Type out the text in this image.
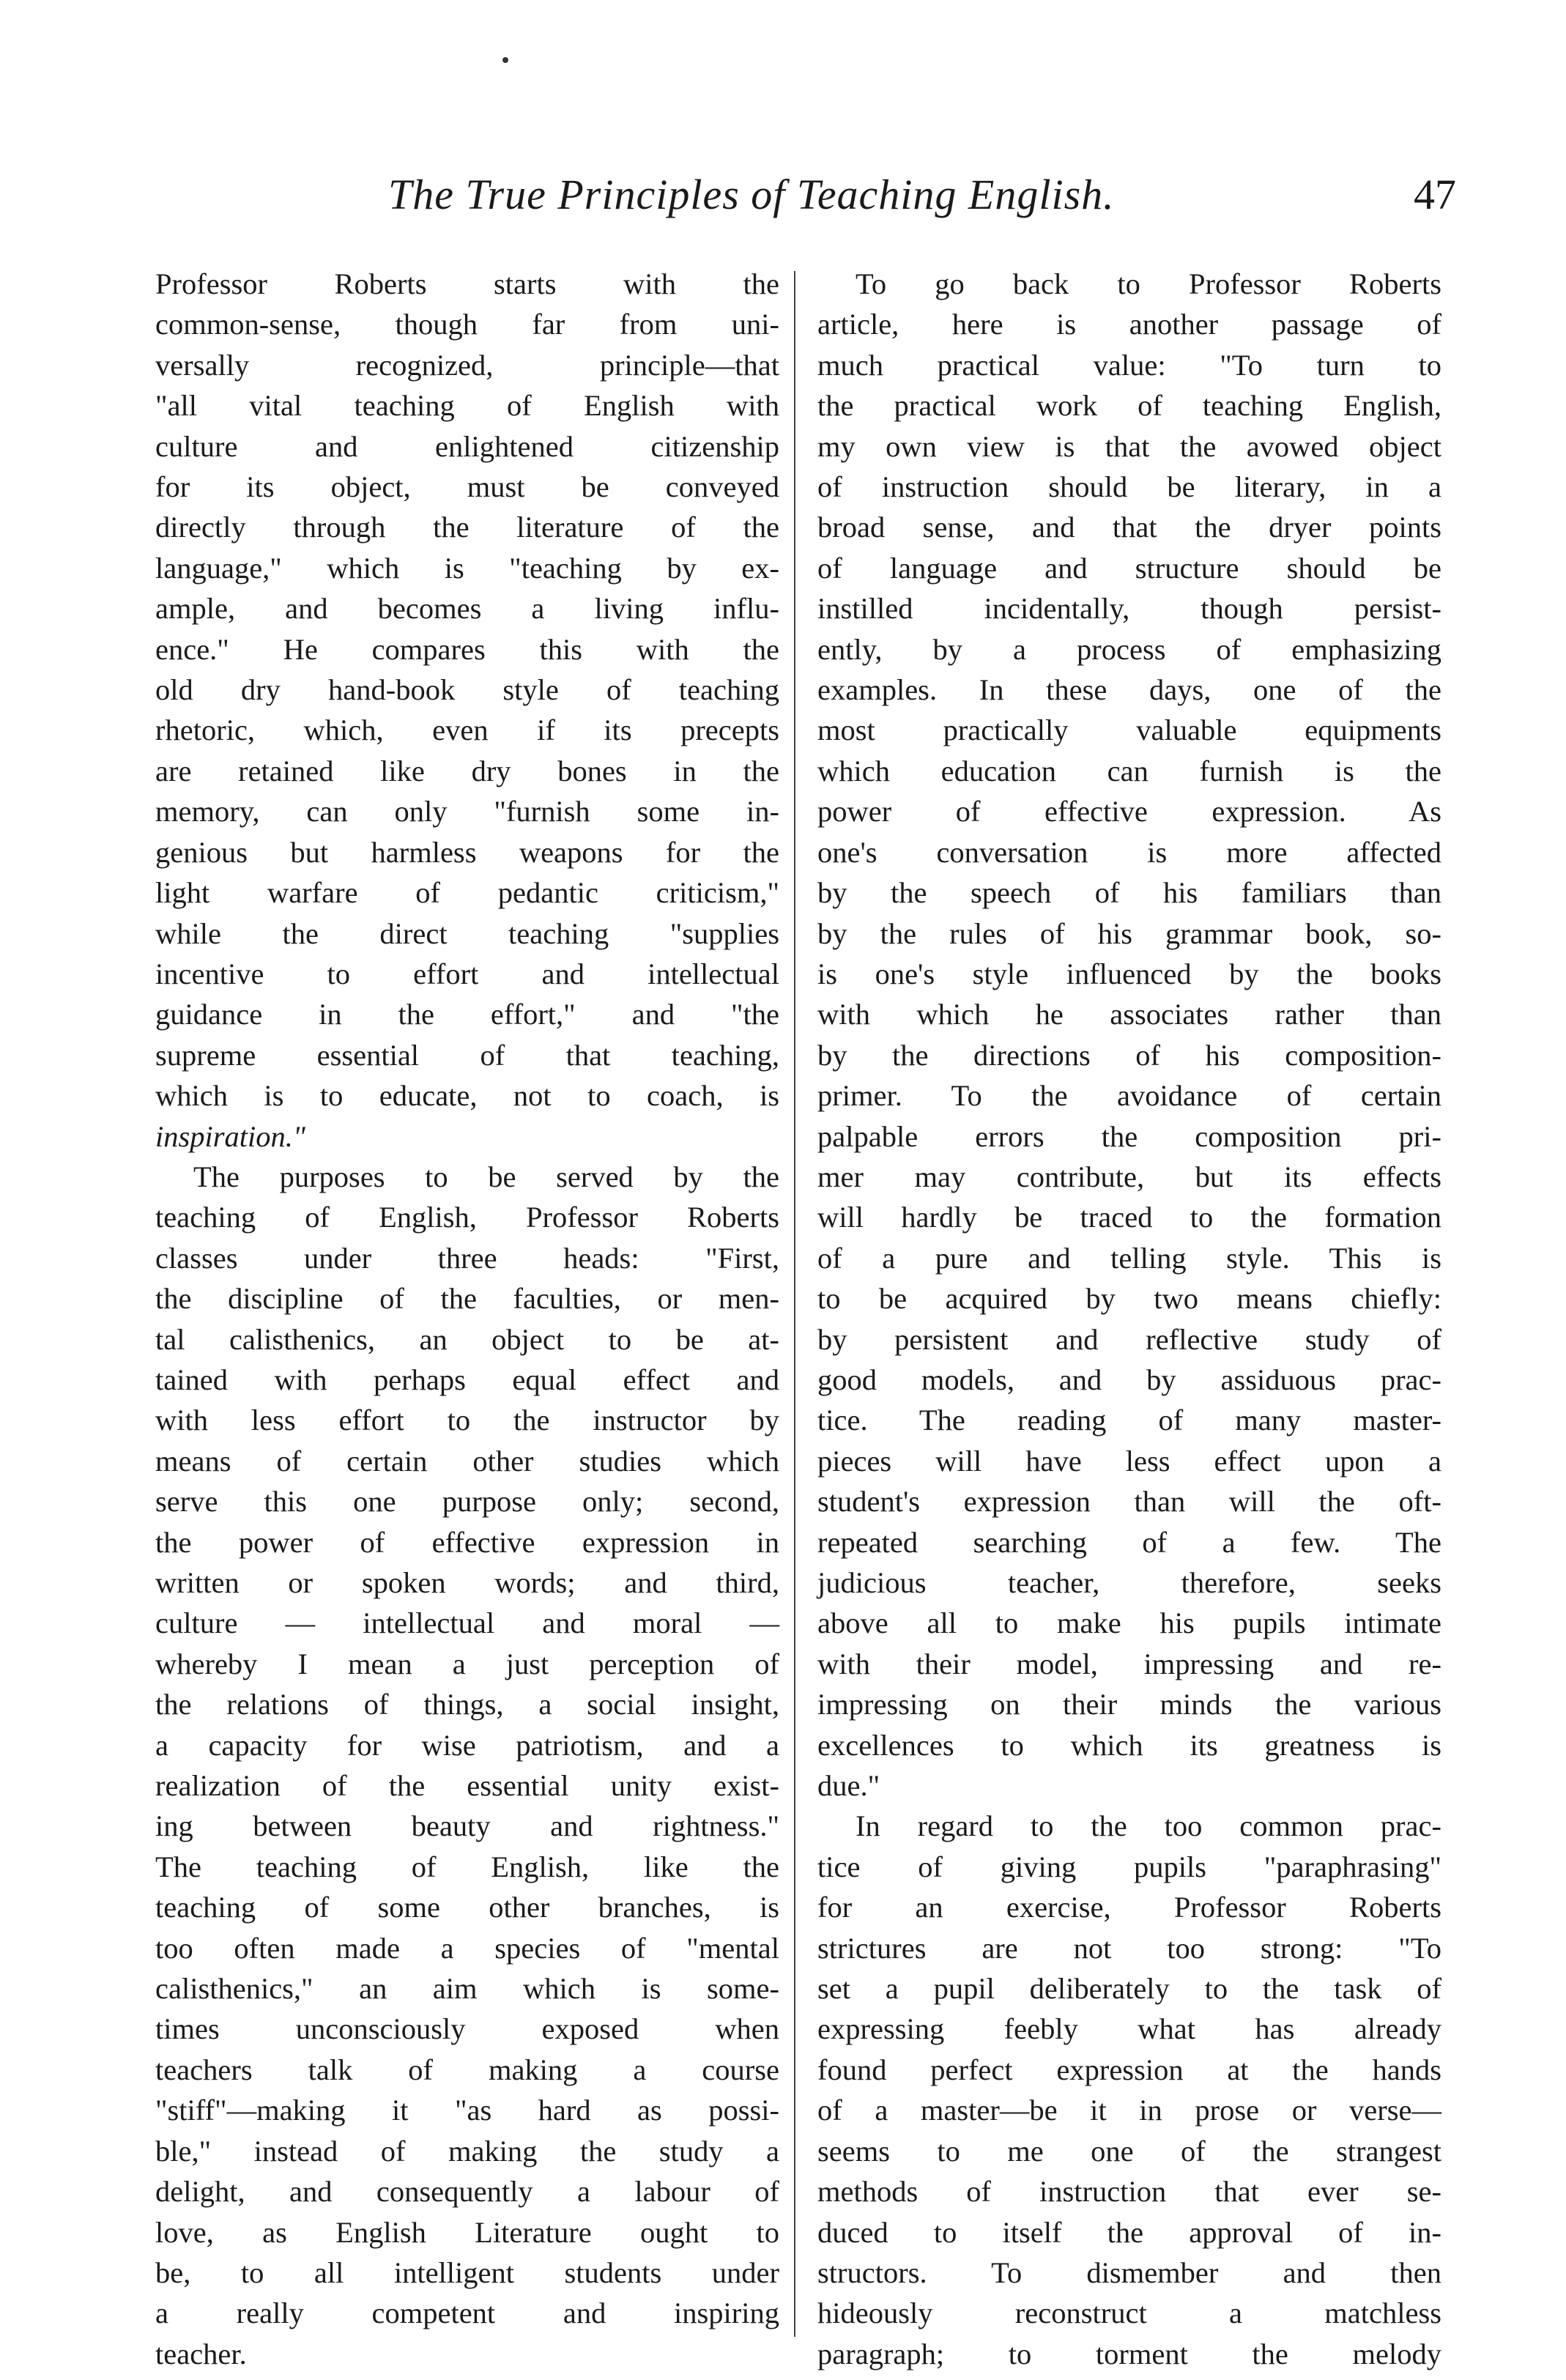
The True Principles of Teaching English.	47
Professor Roberts starts with the
common-sense, though far from uni-
versally recognized, principle—that
"all vital teaching of English with
culture and enlightened citizenship
for its object, must be conveyed
directly through the literature of the
language," which is "teaching by ex-
ample, and becomes a living influ-
ence." He compares this with the
old dry hand-book style of teaching
rhetoric, which, even if its precepts
are retained like dry bones in the
memory, can only "furnish some in-
genious but harmless weapons for the
light warfare of pedantic criticism,"
while the direct teaching "supplies
incentive to effort and intellectual
guidance in the effort," and "the
supreme essential of that teaching,
which is to educate, not to coach, is
inspiration."
The purposes to be served by the
teaching of English, Professor Roberts
classes under three heads: "First,
the discipline of the faculties, or men-
tal calisthenics, an object to be at-
tained with perhaps equal effect and
with less effort to the instructor by
means of certain other studies which
serve this one purpose only; second,
the power of effective expression in
written or spoken words; and third,
culture — intellectual and moral —
whereby I mean a just perception of
the relations of things, a social insight,
a capacity for wise patriotism, and a
realization of the essential unity exist-
ing between beauty and rightness."
The teaching of English, like the
teaching of some other branches, is
too often made a species of "mental
calisthenics," an aim which is some-
times unconsciously exposed when
teachers talk of making a course
"stiff"—making it "as hard as possi-
ble," instead of making the study a
delight, and consequently a labour of
love, as English Literature ought to
be, to all intelligent students under
a really competent and inspiring
teacher.
To go back to Professor Roberts
article, here is another passage of
much practical value: "To turn to
the practical work of teaching English,
my own view is that the avowed object
of instruction should be literary, in a
broad sense, and that the dryer points
of language and structure should be
instilled incidentally, though persist-
ently, by a process of emphasizing
examples. In these days, one of the
most practically valuable equipments
which education can furnish is the
power of effective expression. As
one's conversation is more affected
by the speech of his familiars than
by the rules of his grammar book, so-
is one's style influenced by the books
with which he associates rather than
by the directions of his composition-
primer. To the avoidance of certain
palpable errors the composition pri-
mer may contribute, but its effects
will hardly be traced to the formation
of a pure and telling style. This is
to be acquired by two means chiefly:
by persistent and reflective study of
good models, and by assiduous prac-
tice. The reading of many master-
pieces will have less effect upon a
student's expression than will the oft-
repeated searching of a few. The
judicious teacher, therefore, seeks
above all to make his pupils intimate
with their model, impressing and re-
impressing on their minds the various
excellences to which its greatness is
due."
In regard to the too common prac-
tice of giving pupils "paraphrasing"
for an exercise, Professor Roberts
strictures are not too strong: "To
set a pupil deliberately to the task of
expressing feebly what has already
found perfect expression at the hands
of a master—be it in prose or verse—
seems to me one of the strangest
methods of instruction that ever se-
duced to itself the approval of in-
structors. To dismember and then
hideously reconstruct a matchless
paragraph; to torment the melody
